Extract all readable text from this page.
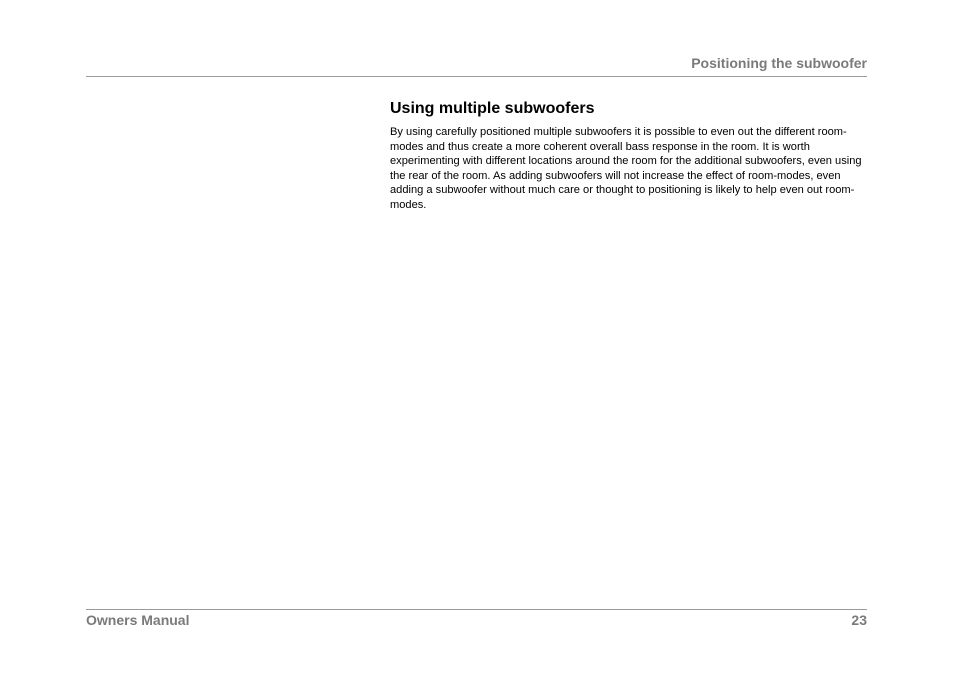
Positioning the subwoofer
Using multiple subwoofers

By using carefully positioned multiple subwoofers it is possible to even out the different room-modes and thus create a more coherent overall bass response in the room. It is worth experimenting with different locations around the room for the additional subwoofers, even using the rear of the room. As adding subwoofers will not increase the effect of room-modes, even adding a subwoofer without much care or thought to positioning is likely to help even out room-modes.

Owners Manual	23
